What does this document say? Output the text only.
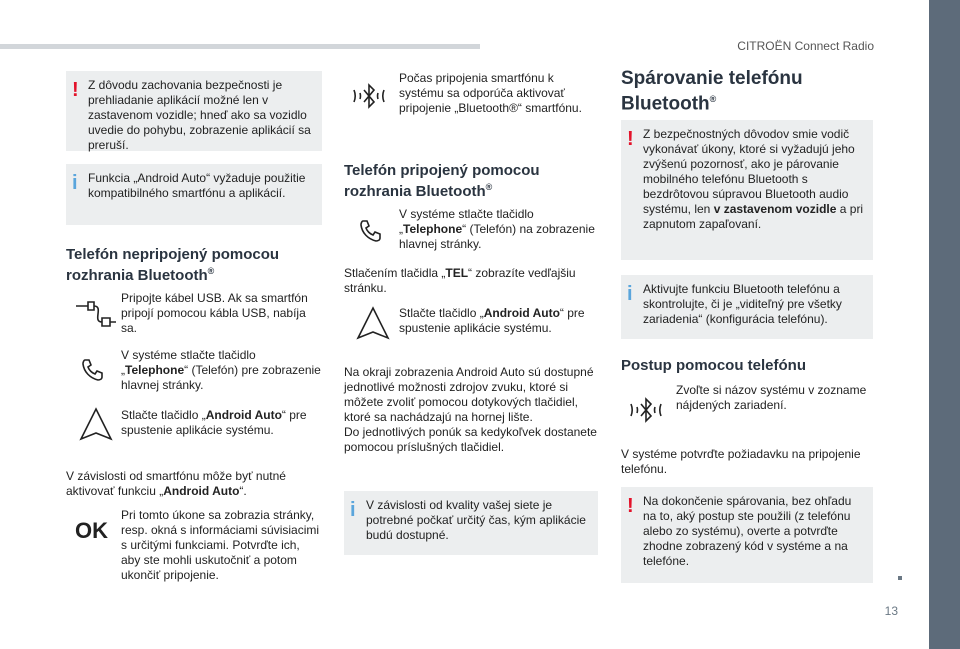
CITROËN Connect Radio
13
! Z dôvodu zachovania bezpečnosti je prehliadanie aplikácií možné len v zastavenom vozidle; hneď ako sa vozidlo uvedie do pohybu, zobrazenie aplikácií sa preruší.
i Funkcia „Android Auto“ vyžaduje použitie kompatibilného smartfónu a aplikácií.
Telefón nepripojený pomocou rozhrania Bluetooth®
Pripojte kábel USB. Ak sa smartfón pripojí pomocou kábla USB, nabíja sa.
V systéme stlačte tlačidlo „Telephone“ (Telefón) pre zobrazenie hlavnej stránky.
Stlačte tlačidlo „Android Auto“ pre spustenie aplikácie systému.
V závislosti od smartfónu môže byť nutné aktivovať funkciu „Android Auto“.
OK
Pri tomto úkone sa zobrazia stránky, resp. okná s informáciami súvisiacimi s určitými funkciami. Potvrďte ich, aby ste mohli uskutočniť a potom ukončiť pripojenie.
Počas pripojenia smartfónu k systému sa odporúča aktivovať pripojenie „Bluetooth®“ smartfónu.
Telefón pripojený pomocou rozhrania Bluetooth®
V systéme stlačte tlačidlo „Telephone“ (Telefón) na zobrazenie hlavnej stránky.
Stlačením tlačidla „TEL“ zobrazíte vedľajšiu stránku.
Stlačte tlačidlo „Android Auto“ pre spustenie aplikácie systému.
Na okraji zobrazenia Android Auto sú dostupné jednotlivé možnosti zdrojov zvuku, ktoré si môžete zvoliť pomocou dotykových tlačidiel, ktoré sa nachádzajú na hornej lište.
Do jednotlivých ponúk sa kedykoľvek dostanete pomocou príslušných tlačidiel.
i V závislosti od kvality vašej siete je potrebné počkať určitý čas, kým aplikácie budú dostupné.
Spárovanie telefónu Bluetooth®
! Z bezpečnostných dôvodov smie vodič vykonávať úkony, ktoré si vyžadujú jeho zvýšenú pozornosť, ako je párovanie mobilného telefónu Bluetooth s bezdrôtovou súpravou Bluetooth audio systému, len v zastavenom vozidle a pri zapnutom zapaľovaní.
i Aktivujte funkciu Bluetooth telefónu a skontrolujte, či je „viditeľný pre všetky zariadenia“ (konfigurácia telefónu).
Postup pomocou telefónu
Zvoľte si názov systému v zozname nájdených zariadení.
V systéme potvrďte požiadavku na pripojenie telefónu.
! Na dokončenie spárovania, bez ohľadu na to, aký postup ste použili (z telefónu alebo zo systému), overte a potvrďte zhodne zobrazený kód v systéme a na telefóne.
